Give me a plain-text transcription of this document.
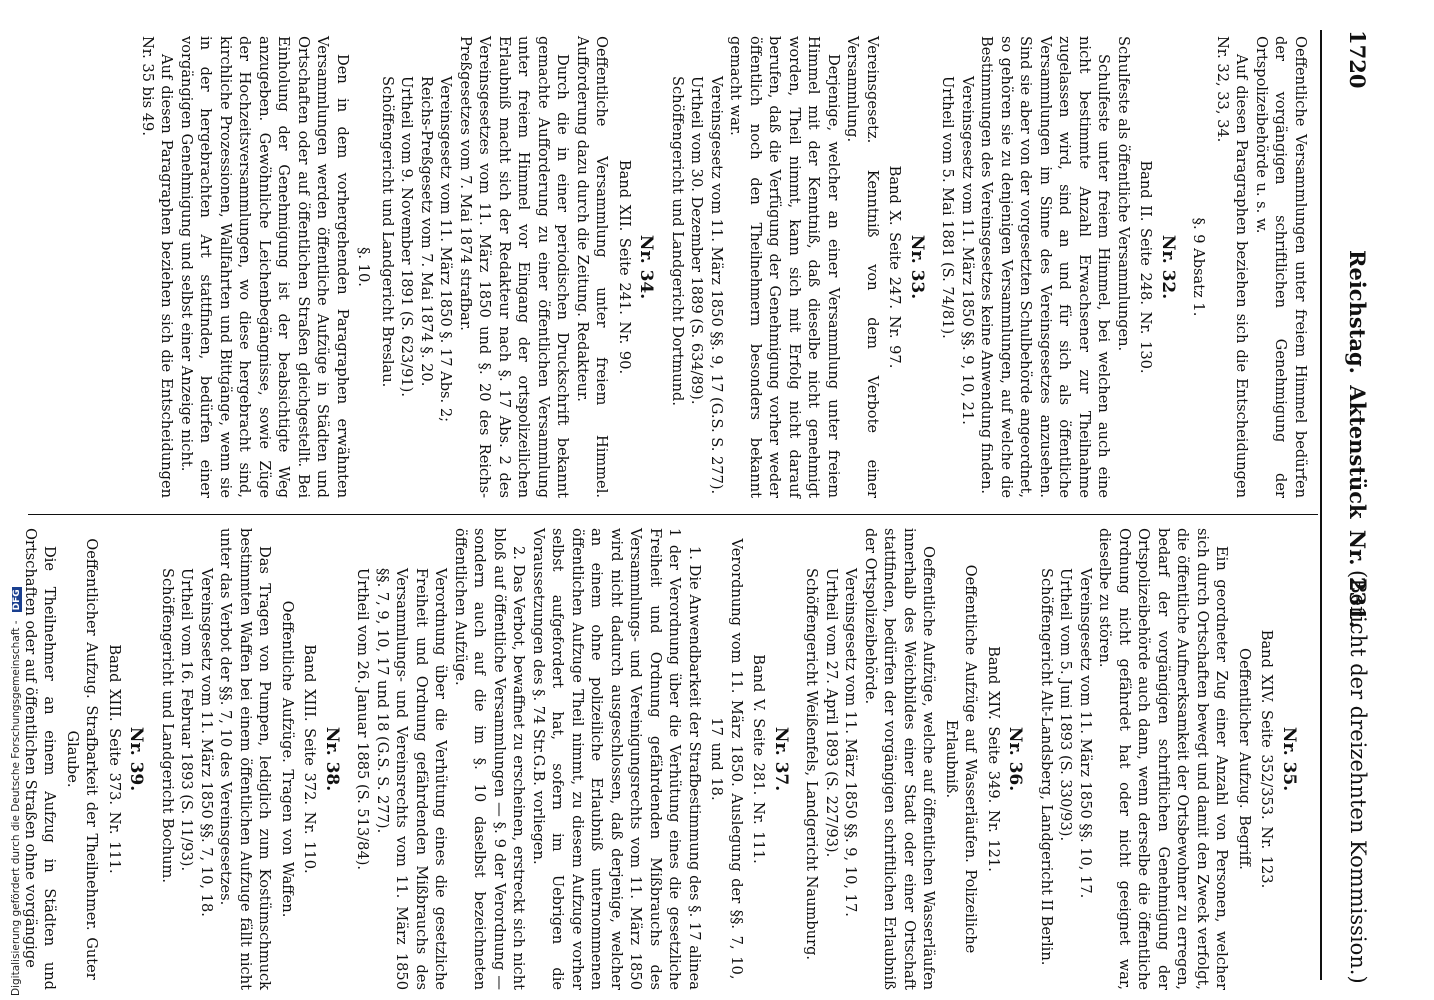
1720
Reichstag. Aktenstück Nr. 231.
(Bericht der dreizehnten Kommission.)

Oeffentliche Versammlungen unter freiem Himmel bedürfen der vorgängigen schriftlichen Genehmigung der Ortspolizeibehörde u. s. w.

Auf diesen Paragraphen beziehen sich die Entscheidungen Nr. 32, 33, 34.

§. 9 Absatz 1.

Nr. 32.

Band II. Seite 248. Nr. 130.

Schulfeste als öffentliche Versammlungen.

Schulfeste unter freiem Himmel, bei welchen auch eine nicht bestimmte Anzahl Erwachsener zur Theilnahme zugelassen wird, sind an und für sich als öffentliche Versammlungen im Sinne des Vereinsgesetzes anzusehen. Sind sie aber von der vorgesetzten Schulbehörde angeordnet, so gehören sie zu denjenigen Versammlungen, auf welche die Bestimmungen des Vereinsgesetzes keine Anwendung finden.

Vereinsgesetz vom 11. März 1850 §§. 9, 10, 21.

Urtheil vom 5. Mai 1881 (S. 74/81).

Nr. 33.

Band X. Seite 247. Nr. 97.

Vereinsgesetz. Kenntniß von dem Verbote einer Versammlung.

Derjenige, welcher an einer Versammlung unter freiem Himmel mit der Kenntniß, daß dieselbe nicht genehmigt worden, Theil nimmt, kann sich mit Erfolg nicht darauf berufen, daß die Verfügung der Genehmigung vorher weder öffentlich noch den Theilnehmern besonders bekannt gemacht war.

Vereinsgesetz vom 11. März 1850 §§. 9, 17 (G.S. S. 277).

Urtheil vom 30. Dezember 1889 (S. 634/89).

Schöffengericht und Landgericht Dortmund.

Nr. 34.

Band XII. Seite 241. Nr. 90.

Oeffentliche Versammlung unter freiem Himmel. Aufforderung dazu durch die Zeitung. Redakteur.

Durch die in einer periodischen Druckschrift bekannt gemachte Aufforderung zu einer öffentlichen Versammlung unter freiem Himmel vor Eingang der ortspolizeilichen Erlaubniß macht sich der Redakteur nach §. 17 Abs. 2 des Vereinsgesetzes vom 11. März 1850 und §. 20 des Reichs-Preßgesetzes vom 7. Mai 1874 strafbar.

Vereinsgesetz vom 11. März 1850 §. 17 Abs. 2;

Reichs-Preßgesetz vom 7. Mai 1874 §. 20.

Urtheil vom 9. November 1891 (S. 623/91).

Schöffengericht und Landgericht Breslau.

§. 10.

Den in dem vorhergehenden Paragraphen erwähnten Versammlungen werden öffentliche Aufzüge in Städten und Ortschaften oder auf öffentlichen Straßen gleichgestellt. Bei Einholung der Genehmigung ist der beabsichtigte Weg anzugeben. Gewöhnliche Leichenbegängnisse, sowie Züge der Hochzeitsversammlungen, wo diese hergebracht sind, kirchliche Prozessionen, Wallfahrten und Bittgänge, wenn sie in der hergebrachten Art stattfinden, bedürfen einer vorgängigen Genehmigung und selbst einer Anzeige nicht.

Auf diesen Paragraphen beziehen sich die Entscheidungen Nr. 35 bis 49.

Nr. 35.

Band XIV. Seite 352/353. Nr. 123.

Oeffentlicher Aufzug. Begriff.

Ein geordneter Zug einer Anzahl von Personen, welcher sich durch Ortschaften bewegt und damit den Zweck verfolgt, die öffentliche Aufmerksamkeit der Ortsbewohner zu erregen, bedarf der vorgängigen schriftlichen Genehmigung der Ortspolizeibehörde auch dann, wenn derselbe die öffentliche Ordnung nicht gefährdet hat oder nicht geeignet war, dieselbe zu stören.

Vereinsgesetz vom 11. März 1850 §§. 10, 17.

Urtheil vom 5. Juni 1893 (S. 330/93).

Schöffengericht Alt-Landsberg, Landgericht II Berlin.

Nr. 36.

Band XIV. Seite 349. Nr. 121.

Oeffentliche Aufzüge auf Wasserläufen. Polizeiliche Erlaubniß.

Oeffentliche Aufzüge, welche auf öffentlichen Wasserläufen innerhalb des Weichbildes einer Stadt oder einer Ortschaft stattfinden, bedürfen der vorgängigen schriftlichen Erlaubniß der Ortspolizeibehörde.

Vereinsgesetz vom 11. März 1850 §§. 9, 10, 17.

Urtheil vom 27. April 1893 (S. 227/93).

Schöffengericht Weißenfels, Landgericht Naumburg.

Nr. 37.

Band V. Seite 281. Nr. 111.

Verordnung vom 11. März 1850. Auslegung der §§. 7, 10, 17 und 18.

1. Die Anwendbarkeit der Strafbestimmung des §. 17 alinea 1 der Verordnung über die Verhütung eines die gesetzliche Freiheit und Ordnung gefährdenden Mißbrauchs des Versammlungs- und Vereinigungsrechts vom 11. März 1850 wird nicht dadurch ausgeschlossen, daß derjenige, welcher an einem ohne polizeiliche Erlaubniß unternommenen öffentlichen Aufzuge Theil nimmt, zu diesem Aufzuge vorher selbst aufgefordert hat, sofern im Uebrigen die Voraussetzungen des §. 74 Str.G.B. vorliegen.

2. Das Verbot, bewaffnet zu erscheinen, erstreckt sich nicht bloß auf öffentliche Versammlungen — §. 9 der Verordnung — sondern auch auf die im §. 10 daselbst bezeichneten öffentlichen Aufzüge.

Verordnung über die Verhütung eines die gesetzliche Freiheit und Ordnung gefährdenden Mißbrauchs des Versammlungs- und Vereinsrechts vom 11. März 1850 §§. 7, 9, 10, 17 und 18 (G.S. S. 277).

Urtheil vom 26. Januar 1885 (S. 513/84).

Nr. 38.

Band XIII. Seite 372. Nr. 110.

Oeffentliche Aufzüge. Tragen von Waffen.

Das Tragen von Pumpen, lediglich zum Kostümschmuck bestimmten Waffen bei einem öffentlichen Aufzuge fällt nicht unter das Verbot der §§. 7, 10 des Vereinsgesetzes.

Vereinsgesetz vom 11. März 1850 §§. 7, 10, 18.

Urtheil vom 16. Februar 1893 (S. 11/93).

Schöffengericht und Landgericht Bochum.

Nr. 39.

Band XIII. Seite 373. Nr. 111.

Oeffentlicher Aufzug. Strafbarkeit der Theilnehmer. Guter Glaube.

Die Theilnehmer an einem Aufzug in Städten und Ortschaften oder auf öffentlichen Straßen ohne vorgängige

Digitalisierung gefördert durch die Deutsche Forschungsgemeinschaft - DFG
